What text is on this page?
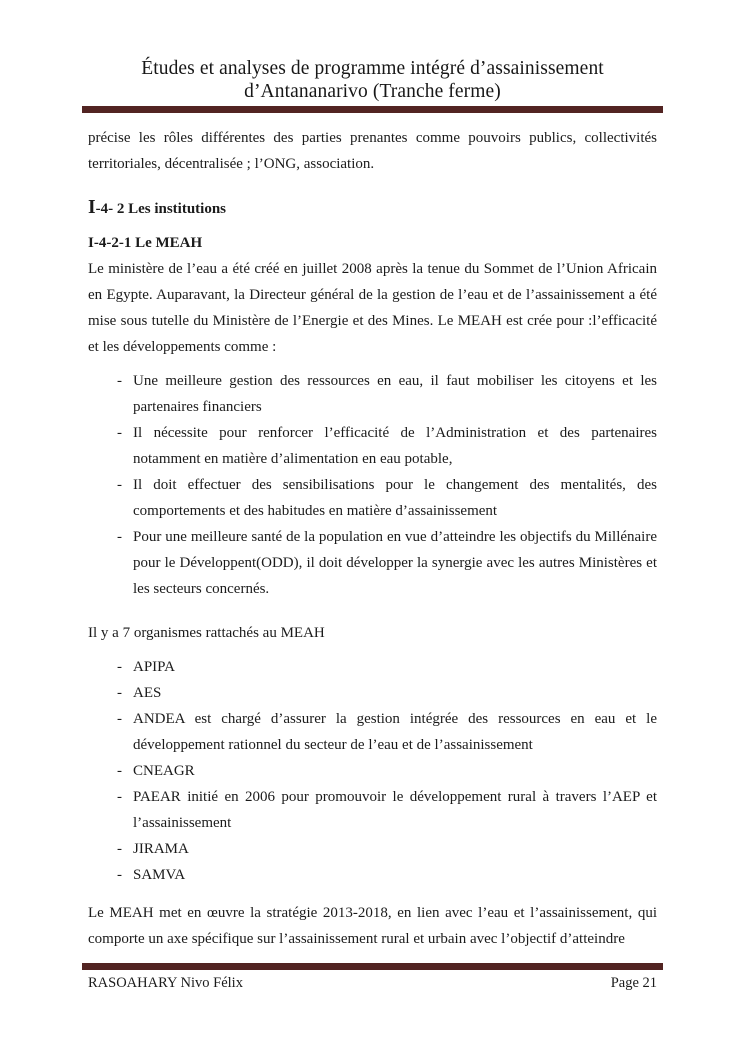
Études et analyses de programme intégré d’assainissement
d’Antananarivo (Tranche ferme)

précise les rôles différentes des parties prenantes comme pouvoirs publics, collectivités territoriales, décentralisée ; l’ONG, association.

I-4- 2 Les institutions
I-4-2-1 Le MEAH

Le ministère de l’eau a été créé en juillet 2008 après la tenue du Sommet de l’Union Africain en Egypte. Auparavant, la Directeur général de la gestion de l’eau et de l’assainissement a été mise sous tutelle du Ministère de l’Energie et des Mines. Le MEAH est crée pour :l’efficacité et les développements comme :

- Une meilleure gestion des ressources en eau, il faut mobiliser les citoyens et les partenaires financiers
- Il nécessite pour renforcer l’efficacité de l’Administration et des partenaires notamment en matière d’alimentation en eau potable,
- Il doit effectuer des sensibilisations pour le changement des mentalités, des comportements et des habitudes en matière d’assainissement
- Pour une meilleure santé de la population en vue d’atteindre les objectifs du Millénaire pour le Développent(ODD), il doit développer la synergie avec les autres Ministères et les secteurs concernés.

Il y a 7 organismes rattachés au MEAH

- APIPA
- AES
- ANDEA est chargé d’assurer la gestion intégrée des ressources en eau et le développement rationnel du secteur de l’eau et de l’assainissement
- CNEAGR
- PAEAR initié en 2006 pour promouvoir le développement rural à travers l’AEP et l’assainissement
- JIRAMA
- SAMVA

Le MEAH met en œuvre la stratégie 2013-2018, en lien avec l’eau et l’assainissement, qui comporte un axe spécifique sur l’assainissement rural et urbain avec l’objectif d’atteindre

RASOAHARY Nivo Félix	Page 21
